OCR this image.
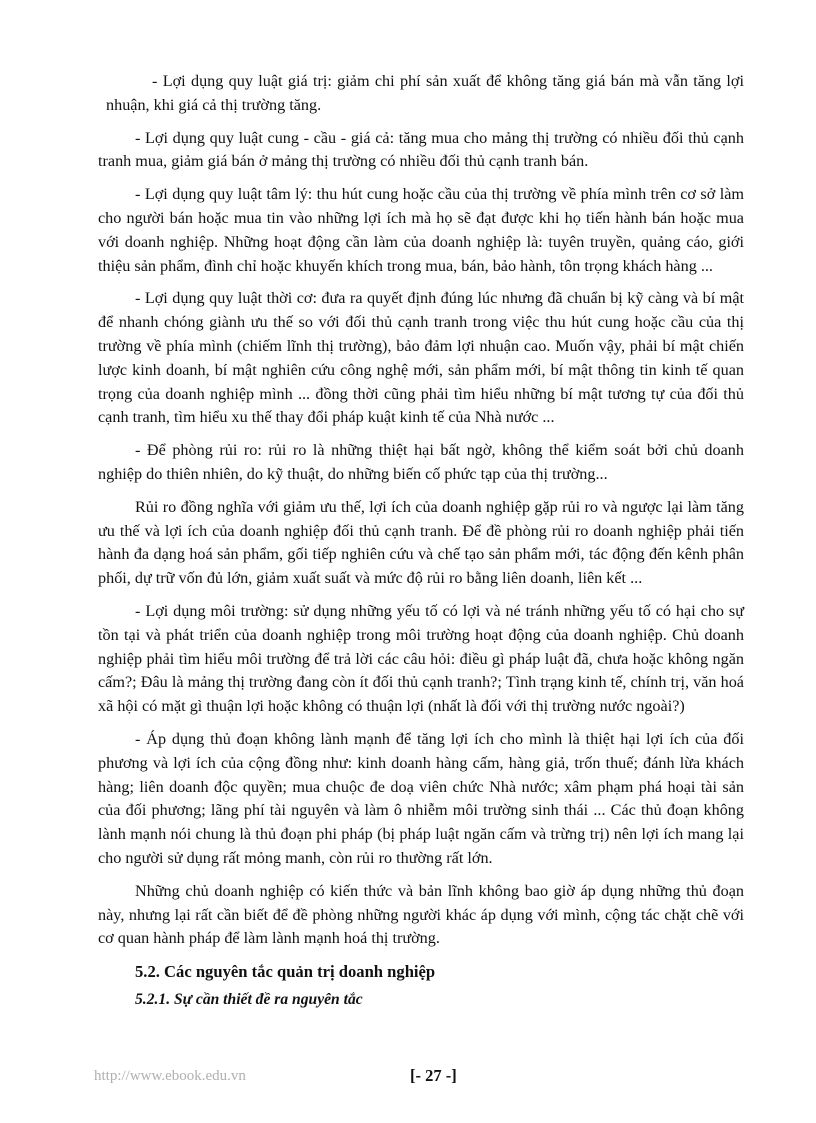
- Lợi dụng quy luật giá trị: giảm chi phí sản xuất để không tăng giá bán mà vẫn tăng lợi nhuận, khi giá cả thị trường tăng.

- Lợi dụng quy luật cung - cầu - giá cả: tăng mua cho mảng thị trường có nhiều đối thủ cạnh tranh mua, giảm giá bán ở mảng thị trường có nhiều đối thủ cạnh tranh bán.

- Lợi dụng quy luật tâm lý: thu hút cung hoặc cầu của thị trường về phía mình trên cơ sở làm cho người bán hoặc mua tin vào những lợi ích mà họ sẽ đạt được khi họ tiến hành bán hoặc mua với doanh nghiệp. Những hoạt động cần làm của doanh nghiệp là: tuyên truyền, quảng cáo, giới thiệu sản phẩm, đình chỉ hoặc khuyến khích trong mua, bán, bảo hành, tôn trọng khách hàng ...

- Lợi dụng quy luật thời cơ: đưa ra quyết định đúng lúc nhưng đã chuẩn bị kỹ càng và bí mật để nhanh chóng giành ưu thế so với đối thủ cạnh tranh trong việc thu hút cung hoặc cầu của thị trường về phía mình (chiếm lĩnh thị trường), bảo đảm lợi nhuận cao. Muốn vậy, phải bí mật chiến lược kinh doanh, bí mật nghiên cứu công nghệ mới, sản phẩm mới, bí mật thông tin kinh tế quan trọng của doanh nghiệp mình ... đồng thời cũng phải tìm hiểu những bí mật tương tự của đối thủ cạnh tranh, tìm hiểu xu thế thay đổi pháp kuật kinh tế của Nhà nước ...

- Để phòng rủi ro: rủi ro là những thiệt hại bất ngờ, không thể kiểm soát bởi chủ doanh nghiệp do thiên nhiên, do kỹ thuật, do những biến cố phức tạp của thị trường...

Rủi ro đồng nghĩa với giảm ưu thế, lợi ích của doanh nghiệp gặp rủi ro và ngược lại làm tăng ưu thế và lợi ích của doanh nghiệp đối thủ cạnh tranh. Để đề phòng rủi ro doanh nghiệp phải tiến hành đa dạng hoá sản phẩm, gối tiếp nghiên cứu và chế tạo sản phẩm mới, tác động đến kênh phân phối, dự trữ vốn đủ lớn, giảm xuất suất và mức độ rủi ro bằng liên doanh, liên kết ...

- Lợi dụng môi trường: sử dụng những yếu tố có lợi và né tránh những yếu tố có hại cho sự tồn tại và phát triển của doanh nghiệp trong môi trường hoạt động của doanh nghiệp. Chủ doanh nghiệp phải tìm hiểu môi trường để trả lời các câu hỏi: điều gì pháp luật đã, chưa hoặc không ngăn cấm?; Đâu là mảng thị trường đang còn ít đối thủ cạnh tranh?; Tình trạng kinh tế, chính trị, văn hoá xã hội có mặt gì thuận lợi hoặc không có thuận lợi (nhất là đối với thị trường nước ngoài?)

- Áp dụng thủ đoạn không lành mạnh để tăng lợi ích cho mình là thiệt hại lợi ích của đối phương và lợi ích của cộng đồng như: kinh doanh hàng cấm, hàng giả, trốn thuế; đánh lừa khách hàng; liên doanh độc quyền; mua chuộc đe doạ viên chức Nhà nước; xâm phạm phá hoại tài sản của đối phương; lãng phí tài nguyên và làm ô nhiễm môi trường sinh thái ... Các thủ đoạn không lành mạnh nói chung là thủ đoạn phi pháp (bị pháp luật ngăn cấm và trừng trị) nên lợi ích mang lại cho người sử dụng rất mỏng manh, còn rủi ro thường rất lớn.

Những chủ doanh nghiệp có kiến thức và bản lĩnh không bao giờ áp dụng những thủ đoạn này, nhưng lại rất cần biết để đề phòng những người khác áp dụng với mình, cộng tác chặt chẽ với cơ quan hành pháp để làm lành mạnh hoá thị trường.

5.2. Các nguyên tắc quản trị doanh nghiệp
5.2.1. Sự cần thiết đề ra nguyên tắc
http://www.ebook.edu.vn	[- 27 -]
